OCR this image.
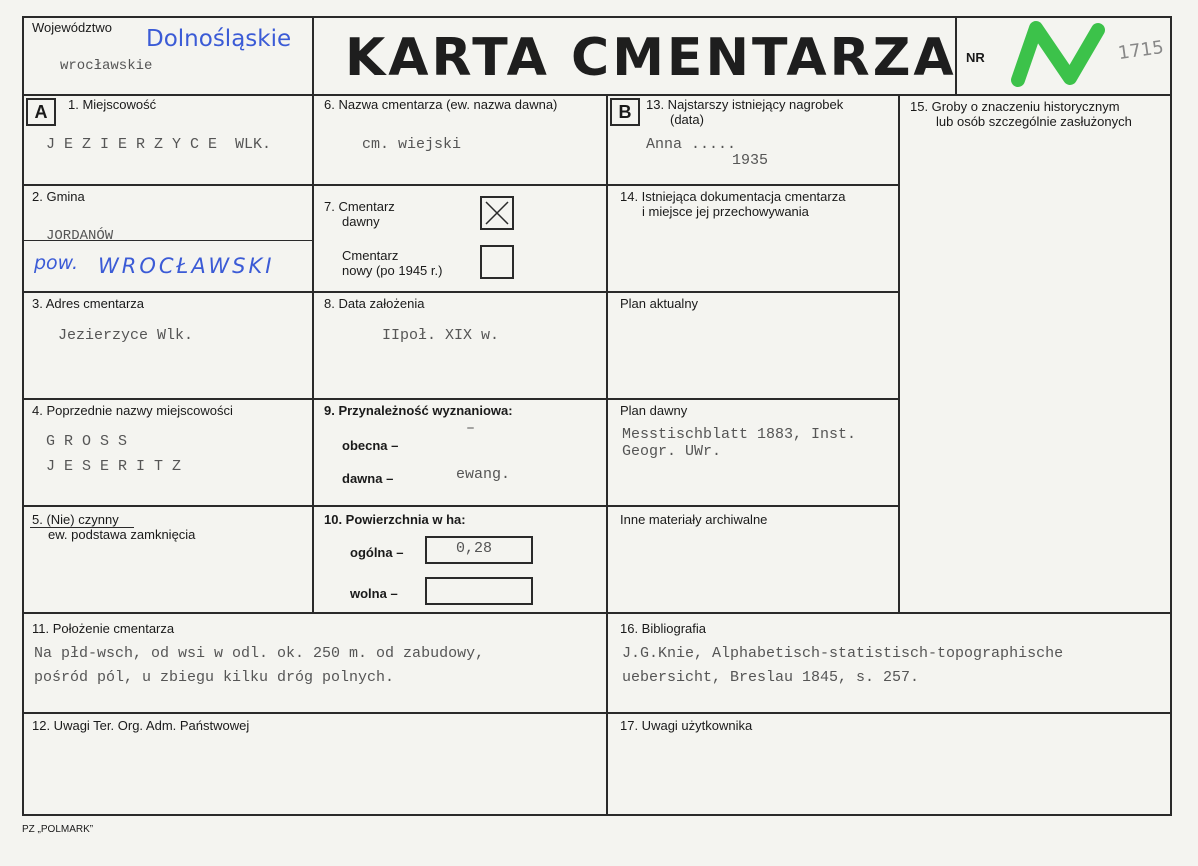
Województwo Dolnośląskie
wrocławskie	KARTA CMENTARZA NR	1715
A	B
1. Miejscowość
J E Z I E R Z Y C E  WLK.
2. Gmina
JORDANÓW
pow. WROCŁAWSKI
3. Adres cmentarza
Jezierzyce Wlk.
4. Poprzednie nazwy miejscowości
G R O S S
J E S E R I T Z
5. (Nie) czynny
ew. podstawa zamknięcia
6. Nazwa cmentarza (ew. nazwa dawna)
cm. wiejski
7. Cmentarz
dawny
Cmentarz
nowy (po 1945 r.)
8. Data założenia
IIpoł. XIX w.
9. Przynależność wyznaniowa:
obecna –
–
dawna –	ewang.
10. Powierzchnia w ha:
ogólna –	0,28
wolna –
11. Położenie cmentarza
Na płd-wsch, od wsi w odl. ok. 250 m. od zabudowy,
pośród pól, u zbiegu kilku dróg polnych.
12. Uwagi Ter. Org. Adm. Państwowej
13. Najstarszy istniejący nagrobek
(data)
Anna .....
1935
14. Istniejąca dokumentacja cmentarza
i miejsce jej przechowywania
Plan aktualny
Plan dawny
Messtischblatt 1883, Inst.
Geogr. UWr.
Inne materiały archiwalne
15. Groby o znaczeniu historycznym
lub osób szczególnie zasłużonych
16. Bibliografia
J.G.Knie, Alphabetisch-statistisch-topographische
uebersicht, Breslau 1845, s. 257.
17. Uwagi użytkownika
PZ „POLMARK”
